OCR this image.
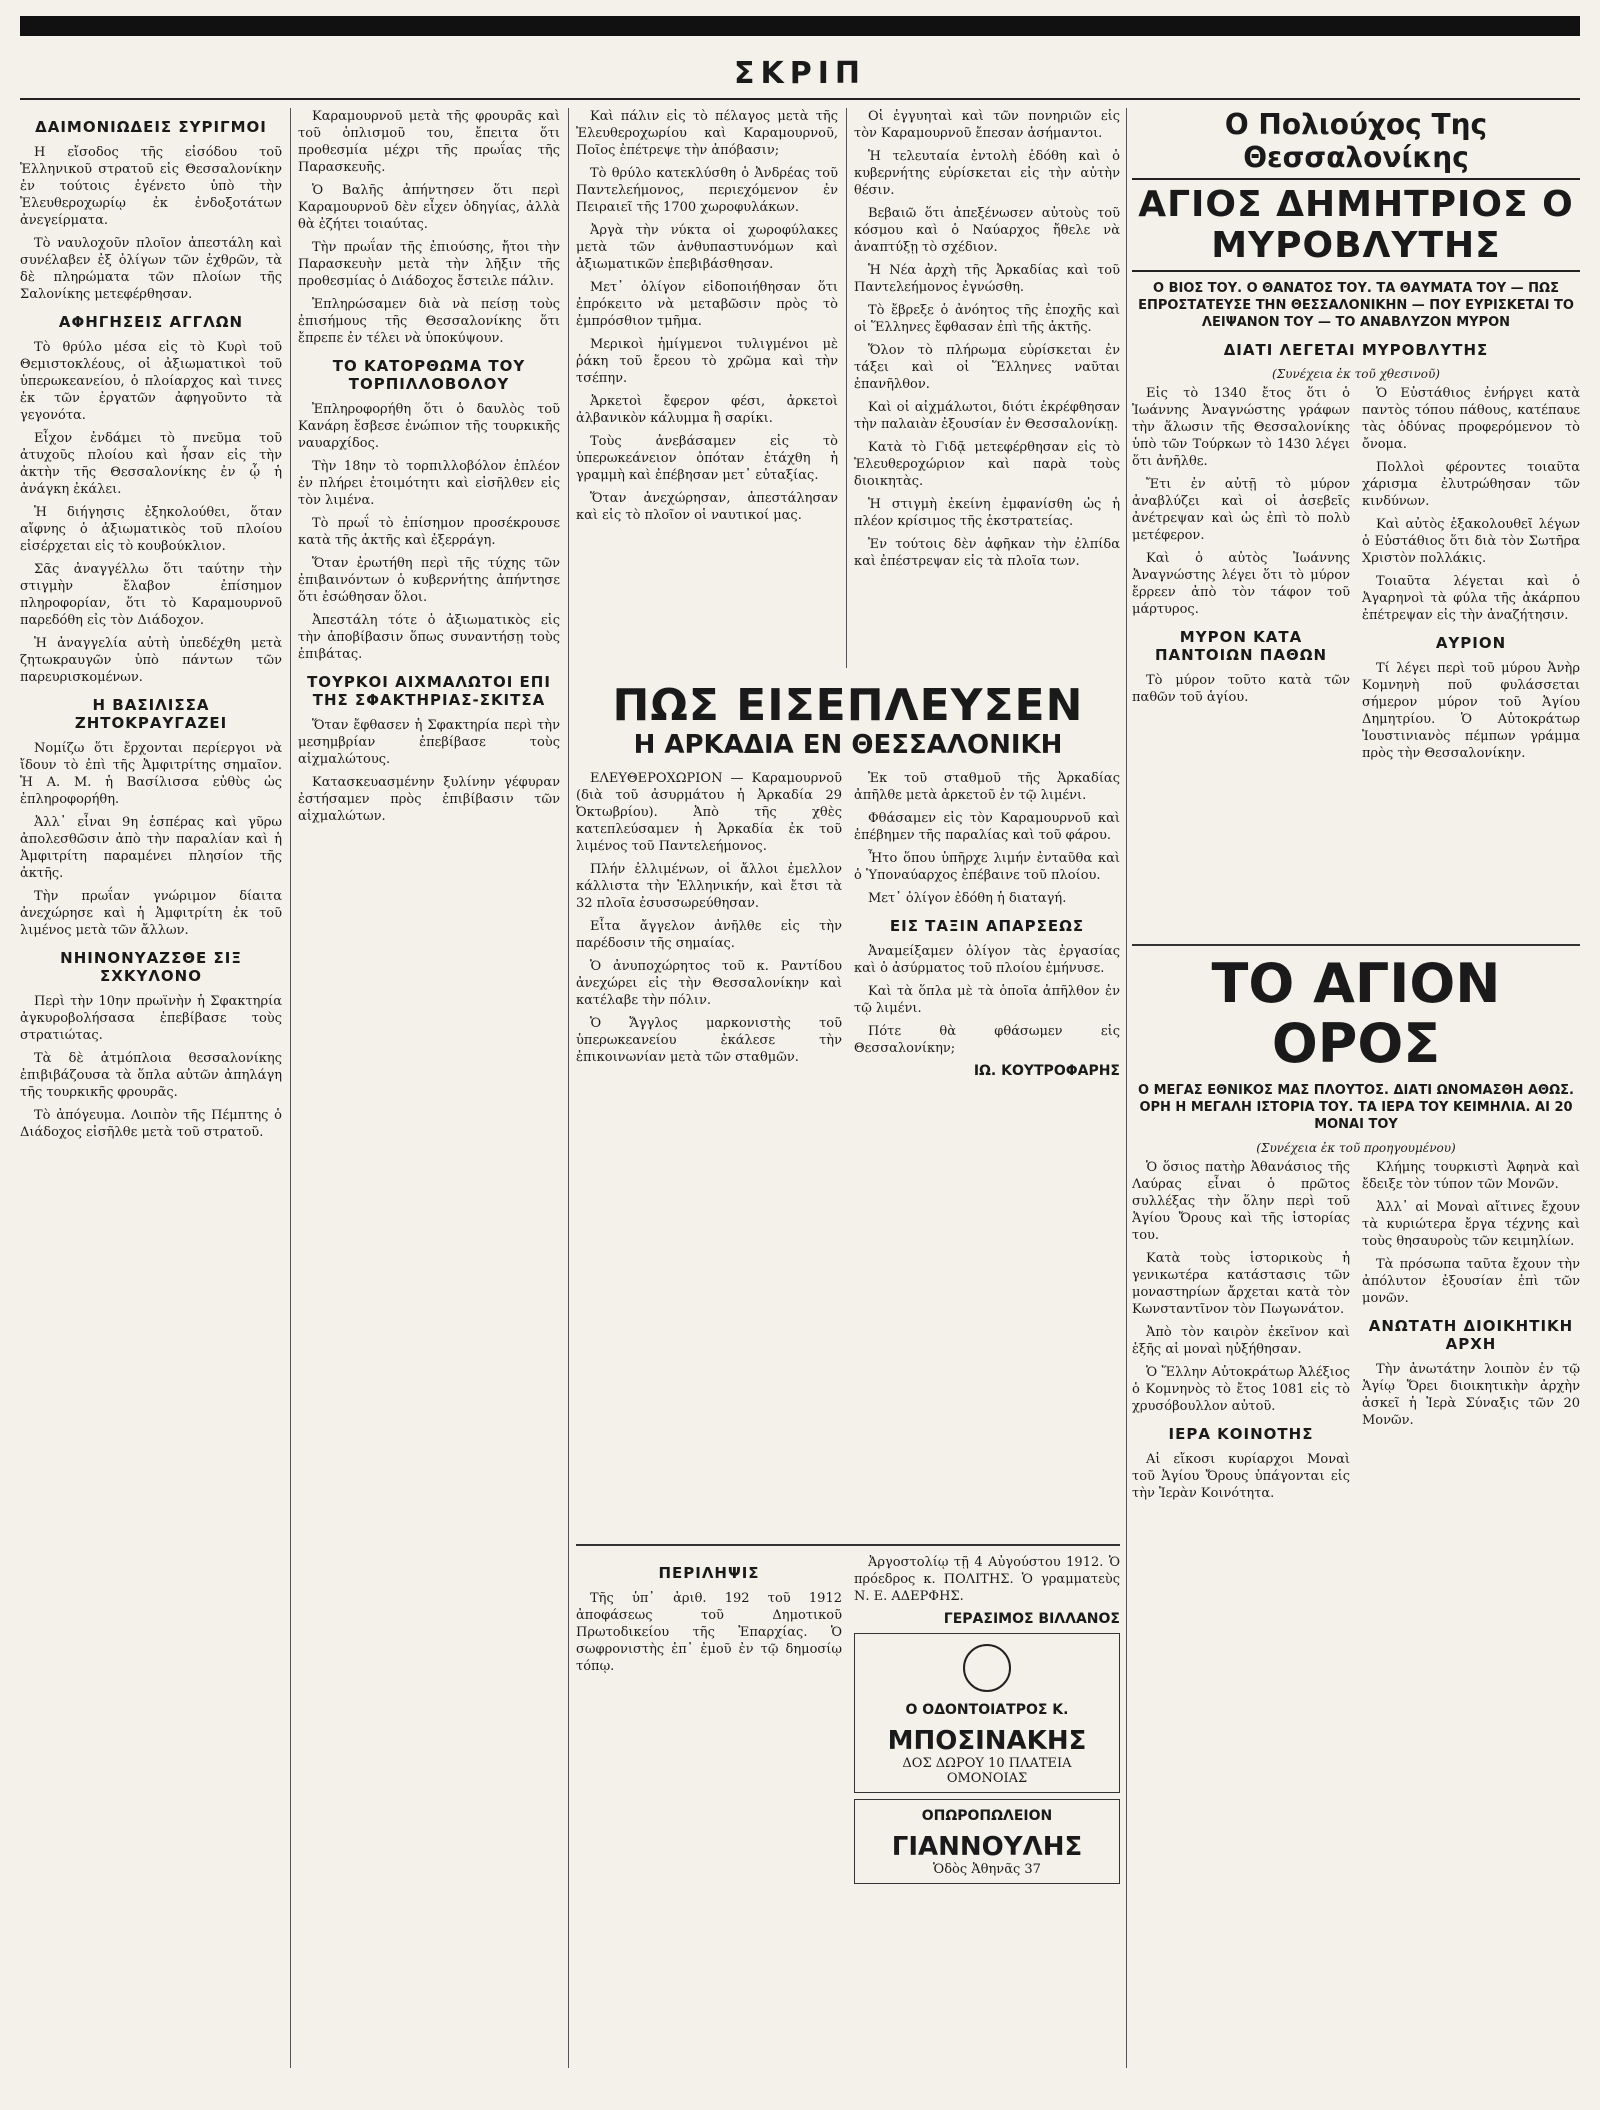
ΣΚΡΙΠ
ΔΑΙΜΟΝΙΩΔΕΙΣ ΣΥΡΙΓΜΟΙ

Η εἴσοδος τῆς εἰσόδου τοῦ Ἑλληνικοῦ στρατοῦ εἰς Θεσσαλονίκην ἐν τούτοις ἐγένετο ὑπὸ τὴν Ἐλευθεροχωρίῳ ἐκ ἐνδοξοτάτων ἀνεγείρματα.

Τὸ ναυλοχοῦν πλοῖον ἀπεστάλη καὶ συνέλαβεν ἐξ ὀλίγων τῶν ἐχθρῶν, τὰ δὲ πληρώματα τῶν πλοίων τῆς Σαλονίκης μετεφέρθησαν.

ΑΦΗΓΗΣΕΙΣ ΑΓΓΛΩΝ

Τὸ θρύλο μέσα εἰς τὸ Κυρὶ τοῦ Θεμιστοκλέους, οἱ ἀξιωματικοὶ τοῦ ὑπερωκεανείου, ὁ πλοίαρχος καὶ τινες ἐκ τῶν ἐργατῶν ἀφηγοῦντο τὰ γεγονότα.

Εἶχον ἐνδάμει τὸ πνεῦμα τοῦ ἀτυχοῦς πλοίου καὶ ἦσαν εἰς τὴν ἀκτὴν τῆς Θεσσαλονίκης ἐν ᾧ ἡ ἀνάγκη ἐκάλει.

Ἡ διήγησις ἐξηκολούθει, ὅταν αἴφνης ὁ ἀξιωματικὸς τοῦ πλοίου εἰσέρχεται εἰς τὸ κουβούκλιον.

Σᾶς ἀναγγέλλω ὅτι ταύτην τὴν στιγμὴν ἔλαβον ἐπίσημον πληροφορίαν, ὅτι τὸ Καραμουρνοῦ παρεδόθη εἰς τὸν Διάδοχον.

Ἡ ἀναγγελία αὐτὴ ὑπεδέχθη μετὰ ζητωκραυγῶν ὑπὸ πάντων τῶν παρευρισκομένων.

Η ΒΑΣΙΛΙΣΣΑ ΖΗΤΟΚΡΑΥΓΑΖΕΙ

Νομίζω ὅτι ἔρχονται περίεργοι νὰ ἴδουν τὸ ἐπὶ τῆς Ἀμφιτρίτης σημαῖον. Ἡ Α. Μ. ἡ Βασίλισσα εὐθὺς ὡς ἐπληροφορήθη.

Ἀλλ᾽ εἶναι 9η ἑσπέρας καὶ γῦρω ἀπολεσθῶσιν ἀπὸ τὴν παραλίαν καὶ ἡ Ἀμφιτρίτη παραμένει πλησίον τῆς ἀκτῆς.

Τὴν πρωΐαν γνώριμον δίαιτα ἀνεχώρησε καὶ ἡ Ἀμφιτρίτη ἐκ τοῦ λιμένος μετὰ τῶν ἄλλων.

ΝΗΙΝΟΝΥΑΖΣΘΕ ΣΙΞ ΣΧΚΥΛΟΝΟ

Περὶ τὴν 10ην πρωϊνὴν ἡ Σφακτηρία ἀγκυροβολήσασα ἐπεβίβασε τοὺς στρατιώτας.

Τὰ δὲ ἀτμόπλοια θεσσαλονίκης ἐπιβιβάζουσα τὰ ὅπλα αὐτῶν ἀπηλάγη τῆς τουρκικῆς φρουρᾶς.

Τὸ ἀπόγευμα. Λοιπὸν τῆς Πέμπτης ὁ Διάδοχος εἰσῆλθε μετὰ τοῦ στρατοῦ.

Καραμουρνοῦ μετὰ τῆς φρουρᾶς καὶ τοῦ ὁπλισμοῦ του, ἔπειτα ὅτι προθεσμία μέχρι τῆς πρωΐας τῆς Παρασκευῆς.

Ὁ Βαλῆς ἀπήντησεν ὅτι περὶ Καραμουρνοῦ δὲν εἶχεν ὁδηγίας, ἀλλὰ θὰ ἐζήτει τοιαύτας.

Τὴν πρωΐαν τῆς ἐπιούσης, ἤτοι τὴν Παρασκευὴν μετὰ τὴν λῆξιν τῆς προθεσμίας ὁ Διάδοχος ἔστειλε πάλιν.

Ἐπληρώσαμεν διὰ νὰ πείσῃ τοὺς ἐπισήμους τῆς Θεσσαλονίκης ὅτι ἔπρεπε ἐν τέλει νὰ ὑποκύψουν.

ΤΟ ΚΑΤΟΡΘΩΜΑ ΤΟΥ ΤΟΡΠΙΛΛΟΒΟΛΟΥ

Ἐπληροφορήθη ὅτι ὁ δαυλὸς τοῦ Κανάρη ἔσβεσε ἐνώπιον τῆς τουρκικῆς ναυαρχίδος.

Τὴν 18ην τὸ τορπιλλοβόλον ἐπλέον ἐν πλήρει ἑτοιμότητι καὶ εἰσῆλθεν εἰς τὸν λιμένα.

Τὸ πρωΐ τὸ ἐπίσημον προσέκρουσε κατὰ τῆς ἀκτῆς καὶ ἐξερράγη.

Ὅταν ἐρωτήθη περὶ τῆς τύχης τῶν ἐπιβαινόντων ὁ κυβερνήτης ἀπήντησε ὅτι ἐσώθησαν ὅλοι.

Ἀπεστάλη τότε ὁ ἀξιωματικὸς εἰς τὴν ἀποβίβασιν ὅπως συναντήσῃ τοὺς ἐπιβάτας.

ΤΟΥΡΚΟΙ ΑΙΧΜΑΛΩΤΟΙ ΕΠΙ ΤΗΣ ΣΦΑΚΤΗΡΙΑΣ-ΣΚΙΤΣΑ

Ὅταν ἔφθασεν ἡ Σφακτηρία περὶ τὴν μεσημβρίαν ἐπεβίβασε τοὺς αἰχμαλώτους.

Κατασκευασμένην ξυλίνην γέφυραν ἐστήσαμεν πρὸς ἐπιβίβασιν τῶν αἰχμαλώτων.

Καὶ πάλιν εἰς τὸ πέλαγος μετὰ τῆς Ἐλευθεροχωρίου καὶ Καραμουρνοῦ, Ποῖος ἐπέτρεψε τὴν ἀπόβασιν;

Τὸ θρύλο κατεκλύσθη ὁ Ἀνδρέας τοῦ Παντελεήμονος, περιεχόμενον ἐν Πειραιεῖ τῆς 1700 χωροφυλάκων.

Ἀργὰ τὴν νύκτα οἱ χωροφύλακες μετὰ τῶν ἀνθυπαστυνόμων καὶ ἀξιωματικῶν ἐπεβιβάσθησαν.

Μετ᾽ ὀλίγον εἰδοποιήθησαν ὅτι ἐπρόκειτο νὰ μεταβῶσιν πρὸς τὸ ἐμπρόσθιον τμῆμα.

Μερικοὶ ἠμίγμενοι τυλιγμένοι μὲ ῥάκη τοῦ ἔρεου τὸ χρῶμα καὶ τὴν τσέπην.

Ἀρκετοὶ ἔφερον φέσι, ἀρκετοὶ ἀλβανικὸν κάλυμμα ἢ σαρίκι.

Τοὺς ἀνεβάσαμεν εἰς τὸ ὑπερωκεάνειον ὁπόταν ἐτάχθη ἡ γραμμὴ καὶ ἐπέβησαν μετ᾽ εὐταξίας.

Ὅταν ἀνεχώρησαν, ἀπεστάλησαν καὶ εἰς τὸ πλοῖον οἱ ναυτικοί μας.

Οἱ ἐγγυηταὶ καὶ τῶν πονηριῶν εἰς τὸν Καραμουρνοῦ ἔπεσαν ἀσήμαντοι.

Ἡ τελευταία ἐντολὴ ἐδόθη καὶ ὁ κυβερνήτης εὐρίσκεται εἰς τὴν αὐτὴν θέσιν.

Βεβαιῶ ὅτι ἀπεξένωσεν αὐτοὺς τοῦ κόσμου καὶ ὁ Ναύαρχος ἤθελε νὰ ἀναπτύξῃ τὸ σχέδιον.

Ἡ Νέα ἀρχὴ τῆς Ἀρκαδίας καὶ τοῦ Παντελεήμονος ἐγνώσθη.

Τὸ ἔβρεξε ὁ ἀνόητος τῆς ἐποχῆς καὶ οἱ Ἕλληνες ἔφθασαν ἐπὶ τῆς ἀκτῆς.

Ὅλον τὸ πλήρωμα εὑρίσκεται ἐν τάξει καὶ οἱ Ἕλληνες ναῦται ἐπανῆλθον.

Καὶ οἱ αἰχμάλωτοι, διότι ἐκρέφθησαν τὴν παλαιὰν ἐξουσίαν ἐν Θεσσαλονίκῃ.

Κατὰ τὸ Γιδᾷ μετεφέρθησαν εἰς τὸ Ἐλευθεροχώριον καὶ παρὰ τοὺς διοικητὰς.

Ἡ στιγμὴ ἐκείνη ἐμφανίσθη ὡς ἡ πλέον κρίσιμος τῆς ἐκστρατείας.

Ἐν τούτοις δὲν ἀφῆκαν τὴν ἐλπίδα καὶ ἐπέστρεψαν εἰς τὰ πλοῖα των.

ΠΩΣ ΕΙΣΕΠΛΕΥΣΕΝ
Η ΑΡΚΑΔΙΑ ΕΝ ΘΕΣΣΑΛΟΝΙΚΗ

ΕΛΕΥΘΕΡΟΧΩΡΙΟΝ — Καραμουρνοῦ (διὰ τοῦ ἀσυρμάτου ἡ Ἀρκαδία 29 Ὀκτωβρίου). Ἀπὸ τῆς χθὲς κατεπλεύσαμεν ἡ Ἀρκαδία ἐκ τοῦ λιμένος τοῦ Παντελεήμονος.

Πλήν ἐλλιμένων, οἱ ἄλλοι ἐμελλον κάλλιστα τὴν Ἑλληνικήν, καὶ ἔτσι τὰ 32 πλοῖα ἐσυσσωρεύθησαν.

Εἶτα ἄγγελον ἀνῆλθε εἰς τὴν παρέδοσιν τῆς σημαίας.

Ὁ ἀνυποχώρητος τοῦ κ. Ραντίδου ἀνεχώρει εἰς τὴν Θεσσαλονίκην καὶ κατέλαβε τὴν πόλιν.

Ὁ Ἄγγλος μαρκονιστὴς τοῦ ὑπερωκεανείου ἐκάλεσε τὴν ἐπικοινωνίαν μετὰ τῶν σταθμῶν.

Ἐκ τοῦ σταθμοῦ τῆς Ἀρκαδίας ἀπῆλθε μετὰ ἀρκετοῦ ἐν τῷ λιμένι.

Φθάσαμεν εἰς τὸν Καραμουρνοῦ καὶ ἐπέβημεν τῆς παραλίας καὶ τοῦ φάρου.

Ἦτο ὅπου ὑπῆρχε λιμήν ἐνταῦθα καὶ ὁ Ὑποναύαρχος ἐπέβαινε τοῦ πλοίου.

Μετ᾽ ὀλίγον ἐδόθη ἡ διαταγή.

ΕΙΣ ΤΑΞΙΝ ΑΠΑΡΣΕΩΣ

Ἀναμείξαμεν ὀλίγον τὰς ἐργασίας καὶ ὁ ἀσύρματος τοῦ πλοίου ἐμήνυσε.

Καὶ τὰ ὅπλα μὲ τὰ ὁποῖα ἀπῆλθον ἐν τῷ λιμένι.

Πότε θὰ φθάσωμεν εἰς Θεσσαλονίκην;

ΙΩ. ΚΟΥΤΡΟΦΑΡΗΣ
ΠΕΡΙΛΗΨΙΣ

Τῆς ὑπ᾽ ἀριθ. 192 τοῦ 1912 ἀποφάσεως τοῦ Δημοτικοῦ Πρωτοδικείου τῆς Ἐπαρχίας. Ὁ σωφρονιστὴς ἐπ᾽ ἐμοῦ ἐν τῷ δημοσίῳ τόπῳ.

Ἀργοστολίῳ τῇ 4 Αὐγούστου 1912. Ὁ πρόεδρος κ. ΠΟΛΙΤΗΣ. Ὁ γραμματεὺς Ν. Ε. ΑΔΕΡΦΗΣ.

ΓΕΡΑΣΙΜΟΣ ΒΙΛΛΑΝΟΣ
Ο ΟΔΟΝΤΟΙΑΤΡΟΣ Κ.
ΜΠΟΣΙΝΑΚΗΣ
ΔΟΣ ΔΩΡΟΥ 10 ΠΛΑΤΕΙΑ ΟΜΟΝΟΙΑΣ
ΟΠΩΡΟΠΩΛΕΙΟΝ
ΓΙΑΝΝΟΥΛΗΣ
Ὁδὸς Ἀθηνᾶς 37
Ο Πολιούχος Της Θεσσαλονίκης
ΑΓΙΟΣ ΔΗΜΗΤΡΙΟΣ Ο ΜΥΡΟΒΛΥΤΗΣ
Ο ΒΙΟΣ ΤΟΥ. Ο ΘΑΝΑΤΟΣ ΤΟΥ. ΤΑ ΘΑΥΜΑΤΑ ΤΟΥ — ΠΩΣ ΕΠΡΟΣΤΑΤΕΥΣΕ ΤΗΝ ΘΕΣΣΑΛΟΝΙΚΗΝ — ΠΟΥ ΕΥΡΙΣΚΕΤΑΙ ΤΟ ΛΕΙΨΑΝΟΝ ΤΟΥ — ΤΟ ΑΝΑΒΛΥΖΟΝ ΜΥΡΟΝ
ΔΙΑΤΙ ΛΕΓΕΤΑΙ ΜΥΡΟΒΛΥΤΗΣ
(Συνέχεια ἐκ τοῦ χθεσινοῦ)

Εἰς τὸ 1340 ἔτος ὅτι ὁ Ἰωάννης Ἀναγνώστης γράφων τὴν ἅλωσιν τῆς Θεσσαλονίκης ὑπὸ τῶν Τούρκων τὸ 1430 λέγει ὅτι ἀνῆλθε.

Ἔτι ἐν αὐτῇ τὸ μύρον ἀναβλύζει καὶ οἱ ἀσεβεῖς ἀνέτρεψαν καὶ ὡς ἐπὶ τὸ πολὺ μετέφερον.

Καὶ ὁ αὐτὸς Ἰωάννης Ἀναγνώστης λέγει ὅτι τὸ μύρον ἔρρεεν ἀπὸ τὸν τάφον τοῦ μάρτυρος.

ΜΥΡΟΝ ΚΑΤΑ ΠΑΝΤΟΙΩΝ ΠΑΘΩΝ

Τὸ μύρον τοῦτο κατὰ τῶν παθῶν τοῦ ἁγίου.

Ὁ Εὐστάθιος ἐνήργει κατὰ παντὸς τόπου πάθους, κατέπαυε τὰς ὀδύνας προφερόμενον τὸ ὄνομα.

Πολλοὶ φέροντες τοιαῦτα χάρισμα ἐλυτρώθησαν τῶν κινδύνων.

Καὶ αὐτὸς ἐξακολουθεῖ λέγων ὁ Εὐστάθιος ὅτι διὰ τὸν Σωτῆρα Χριστὸν πολλάκις.

Τοιαῦτα λέγεται καὶ ὁ Ἀγαρηνοὶ τὰ φύλα τῆς ἀκάρπου ἐπέτρεψαν εἰς τὴν ἀναζήτησιν.

ΑΥΡΙΟΝ

Τί λέγει περὶ τοῦ μύρου Ἀνὴρ Κομνηνὴ ποῦ φυλάσσεται σήμερον μύρον τοῦ Ἁγίου Δημητρίου. Ὁ Αὐτοκράτωρ Ἰουστινιανὸς πέμπων γράμμα πρὸς τὴν Θεσσαλονίκην.

ΤΟ ΑΓΙΟΝ ΟΡΟΣ
Ο ΜΕΓΑΣ ΕΘΝΙΚΟΣ ΜΑΣ ΠΛΟΥΤΟΣ. ΔΙΑΤΙ ΩΝΟΜΑΣΘΗ ΑΘΩΣ. ΟΡΗ Η ΜΕΓΑΛΗ ΙΣΤΟΡΙΑ ΤΟΥ. ΤΑ ΙΕΡΑ ΤΟΥ ΚΕΙΜΗΛΙΑ. ΑΙ 20 ΜΟΝΑΙ ΤΟΥ
(Συνέχεια ἐκ τοῦ προηγουμένου)

Ὁ ὅσιος πατὴρ Ἀθανάσιος τῆς Λαύρας εἶναι ὁ πρῶτος συλλέξας τὴν ὅλην περὶ τοῦ Ἁγίου Ὄρους καὶ τῆς ἱστορίας του.

Κατὰ τοὺς ἱστορικοὺς ἡ γενικωτέρα κατάστασις τῶν μοναστηρίων ἄρχεται κατὰ τὸν Κωνσταντῖνον τὸν Πωγωνάτον.

Ἀπὸ τὸν καιρὸν ἐκεῖνον καὶ ἑξῆς αἱ μοναὶ ηὐξήθησαν.

Ὁ Ἕλλην Αὐτοκράτωρ Ἀλέξιος ὁ Κομνηνὸς τὸ ἔτος 1081 εἰς τὸ χρυσόβουλλον αὐτοῦ.

ΙΕΡΑ ΚΟΙΝΟΤΗΣ

Αἱ εἴκοσι κυρίαρχοι Μοναὶ τοῦ Ἁγίου Ὄρους ὑπάγονται εἰς τὴν Ἱερὰν Κοινότητα.

Κλήμης τουρκιστὶ Ἀφηνὰ καὶ ἔδειξε τὸν τύπον τῶν Μονῶν.

Ἀλλ᾽ αἱ Μοναὶ αἴτινες ἔχουν τὰ κυριώτερα ἔργα τέχνης καὶ τοὺς θησαυροὺς τῶν κειμηλίων.

Τὰ πρόσωπα ταῦτα ἔχουν τὴν ἀπόλυτον ἐξουσίαν ἐπὶ τῶν μονῶν.

ΑΝΩΤΑΤΗ ΔΙΟΙΚΗΤΙΚΗ ΑΡΧΗ

Τὴν ἀνωτάτην λοιπὸν ἐν τῷ Ἁγίῳ Ὄρει διοικητικὴν ἀρχὴν ἀσκεῖ ἡ Ἱερὰ Σύναξις τῶν 20 Μονῶν.
